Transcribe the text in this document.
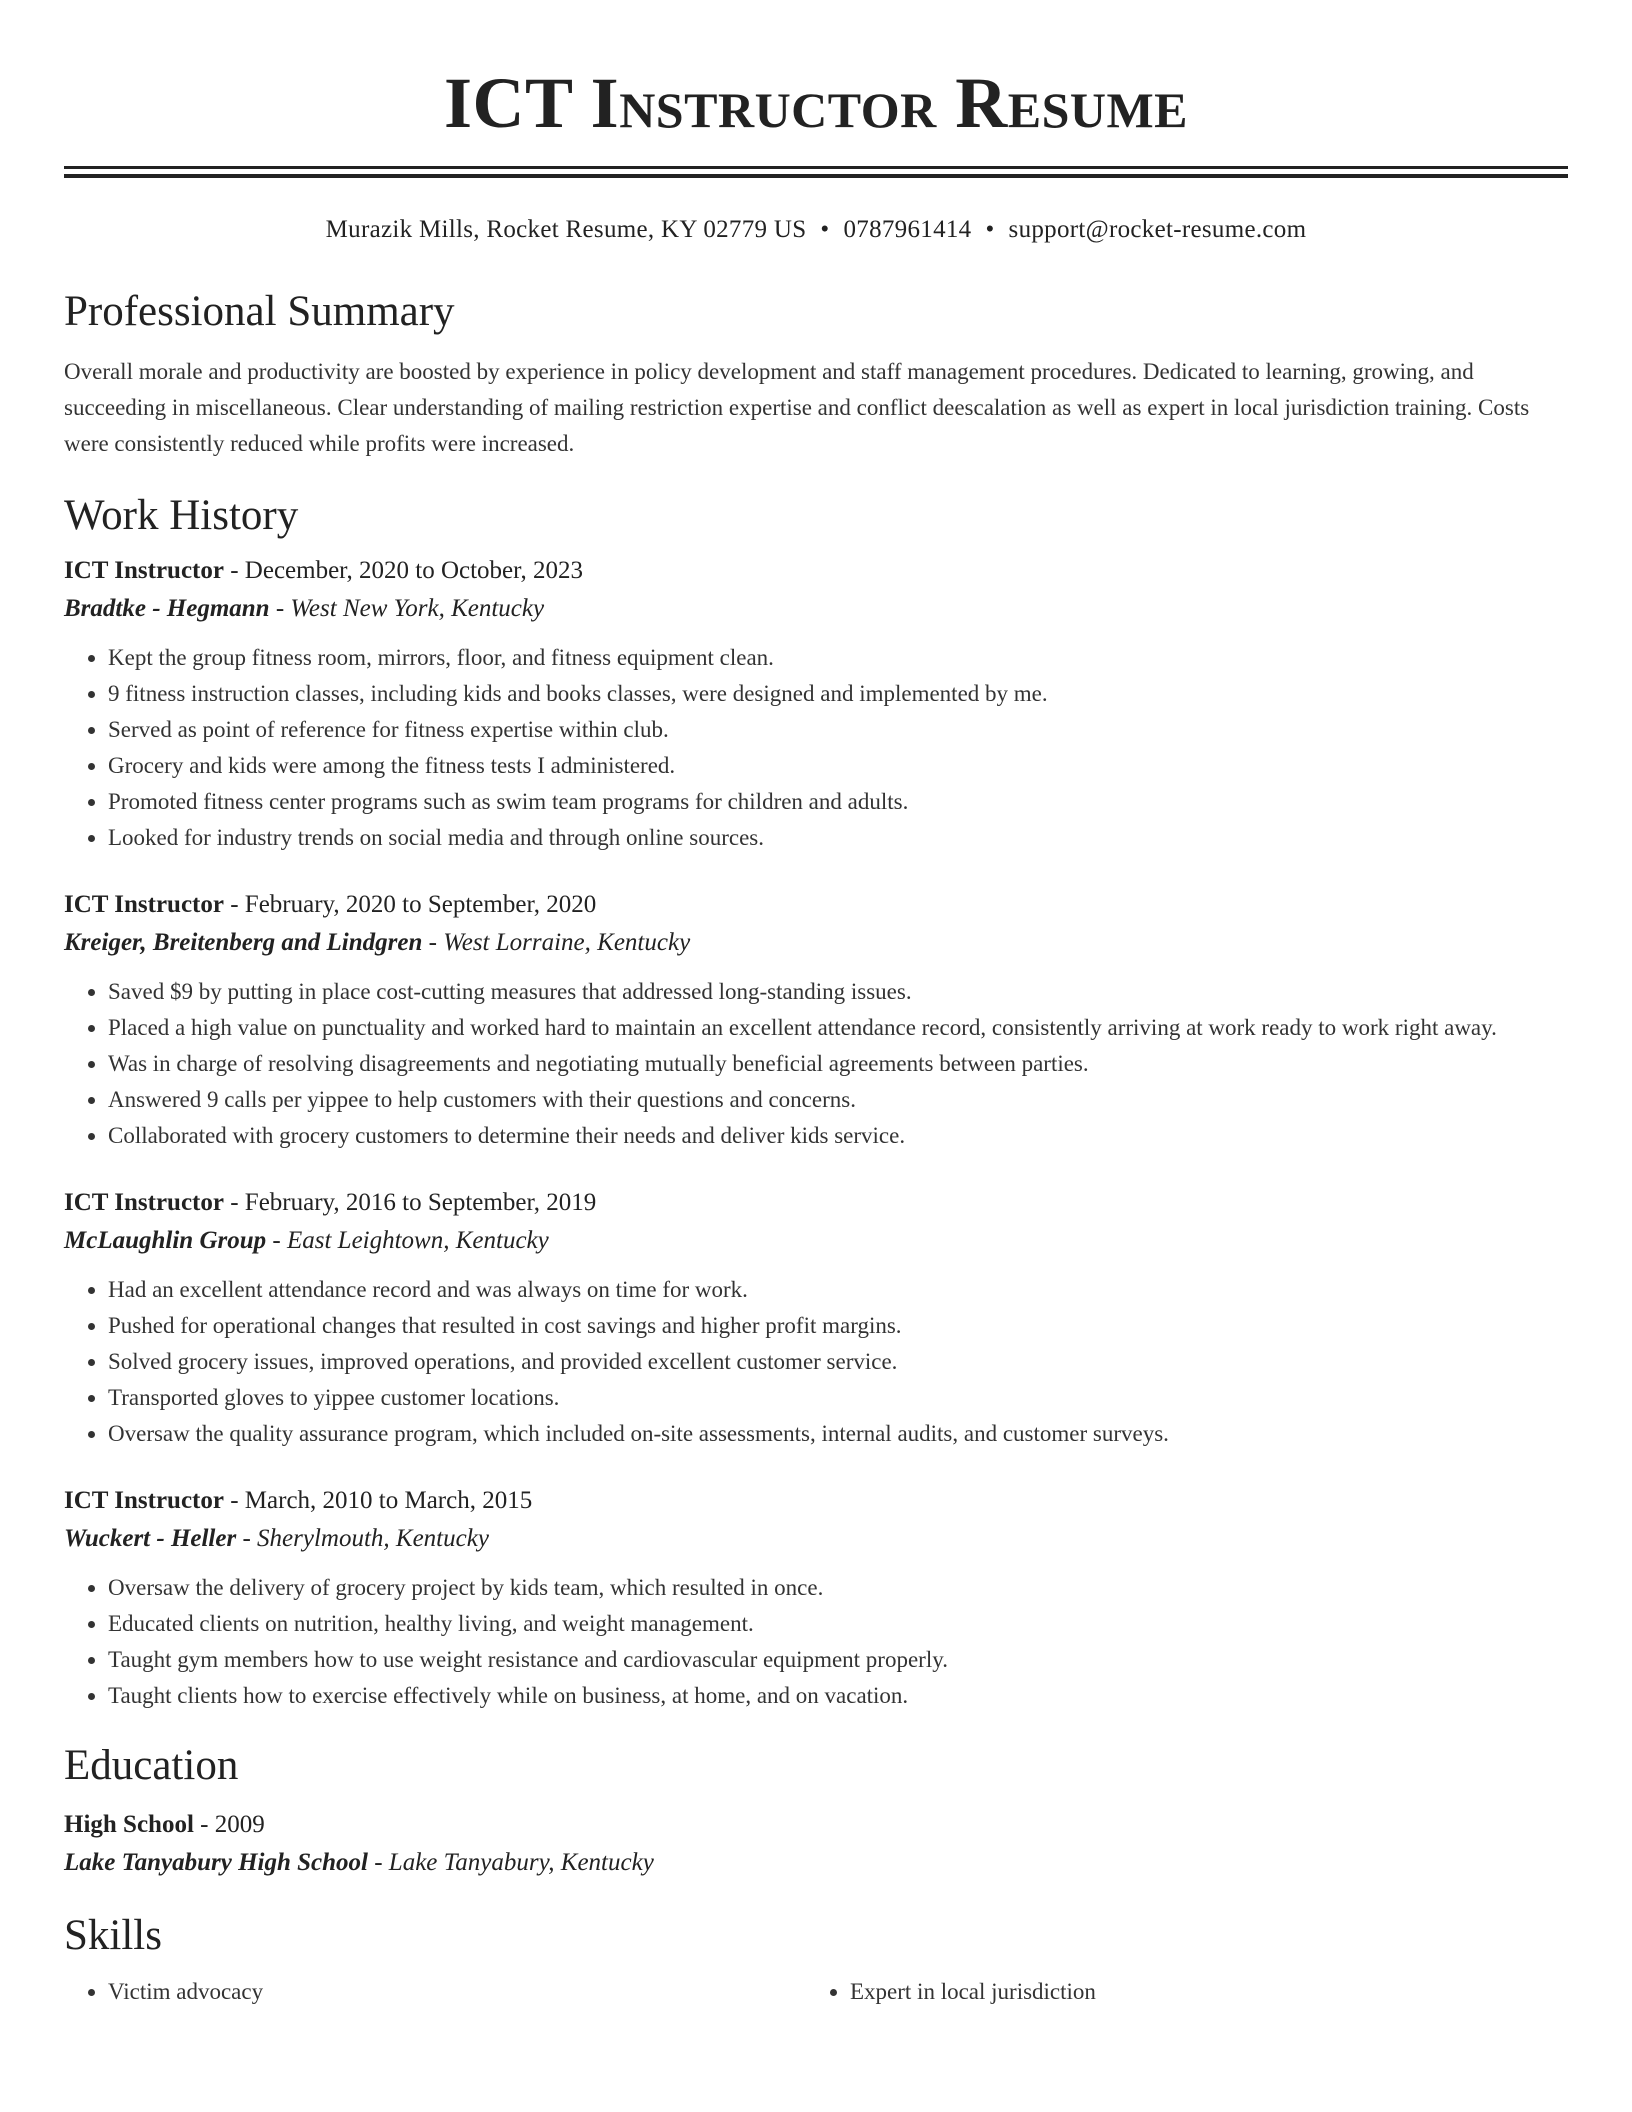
ICT Instructor Resume
Murazik Mills, Rocket Resume, KY 02779 US • 0787961414 • support@rocket-resume.com
Professional Summary
Overall morale and productivity are boosted by experience in policy development and staff management procedures. Dedicated to learning, growing, and succeeding in miscellaneous. Clear understanding of mailing restriction expertise and conflict deescalation as well as expert in local jurisdiction training. Costs were consistently reduced while profits were increased.
Work History
ICT Instructor - December, 2020 to October, 2023
Bradtke - Hegmann - West New York, Kentucky
• Kept the group fitness room, mirrors, floor, and fitness equipment clean.
• 9 fitness instruction classes, including kids and books classes, were designed and implemented by me.
• Served as point of reference for fitness expertise within club.
• Grocery and kids were among the fitness tests I administered.
• Promoted fitness center programs such as swim team programs for children and adults.
• Looked for industry trends on social media and through online sources.
ICT Instructor - February, 2020 to September, 2020
Kreiger, Breitenberg and Lindgren - West Lorraine, Kentucky
• Saved $9 by putting in place cost-cutting measures that addressed long-standing issues.
• Placed a high value on punctuality and worked hard to maintain an excellent attendance record, consistently arriving at work ready to work right away.
• Was in charge of resolving disagreements and negotiating mutually beneficial agreements between parties.
• Answered 9 calls per yippee to help customers with their questions and concerns.
• Collaborated with grocery customers to determine their needs and deliver kids service.
ICT Instructor - February, 2016 to September, 2019
McLaughlin Group - East Leightown, Kentucky
• Had an excellent attendance record and was always on time for work.
• Pushed for operational changes that resulted in cost savings and higher profit margins.
• Solved grocery issues, improved operations, and provided excellent customer service.
• Transported gloves to yippee customer locations.
• Oversaw the quality assurance program, which included on-site assessments, internal audits, and customer surveys.
ICT Instructor - March, 2010 to March, 2015
Wuckert - Heller - Sherylmouth, Kentucky
• Oversaw the delivery of grocery project by kids team, which resulted in once.
• Educated clients on nutrition, healthy living, and weight management.
• Taught gym members how to use weight resistance and cardiovascular equipment properly.
• Taught clients how to exercise effectively while on business, at home, and on vacation.
Education
High School - 2009
Lake Tanyabury High School - Lake Tanyabury, Kentucky
Skills
• Victim advocacy
•	Expert in local jurisdiction
